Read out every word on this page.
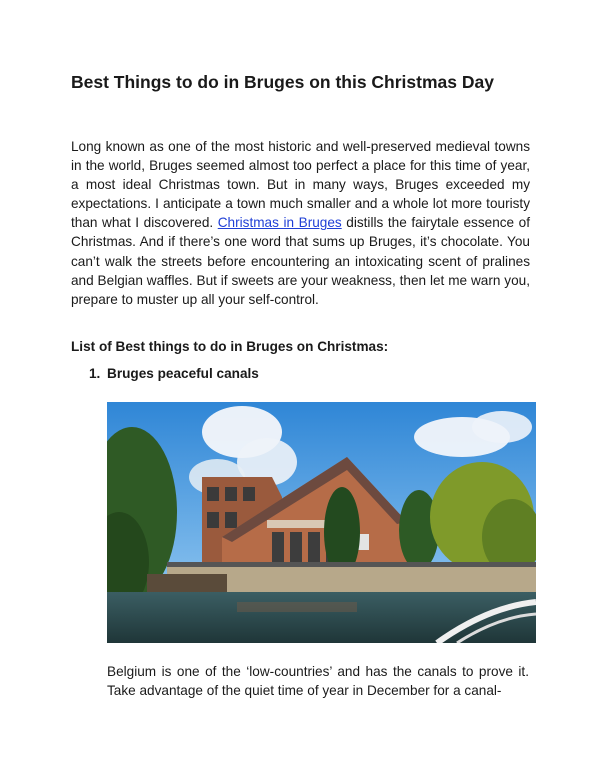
Best Things to do in Bruges on this Christmas Day
Long known as one of the most historic and well-preserved medieval towns in the world, Bruges seemed almost too perfect a place for this time of year, a most ideal Christmas town. But in many ways, Bruges exceeded my expectations. I anticipate a town much smaller and a whole lot more touristy than what I discovered. Christmas in Bruges distills the fairytale essence of Christmas. And if there’s one word that sums up Bruges, it’s chocolate. You can’t walk the streets before encountering an intoxicating scent of pralines and Belgian waffles. But if sweets are your weakness, then let me warn you, prepare to muster up all your self-control.
List of Best things to do in Bruges on Christmas:
1. Bruges peaceful canals

Belgium is one of the ‘low-countries’ and has the canals to prove it. Take advantage of the quiet time of year in December for a canal-
